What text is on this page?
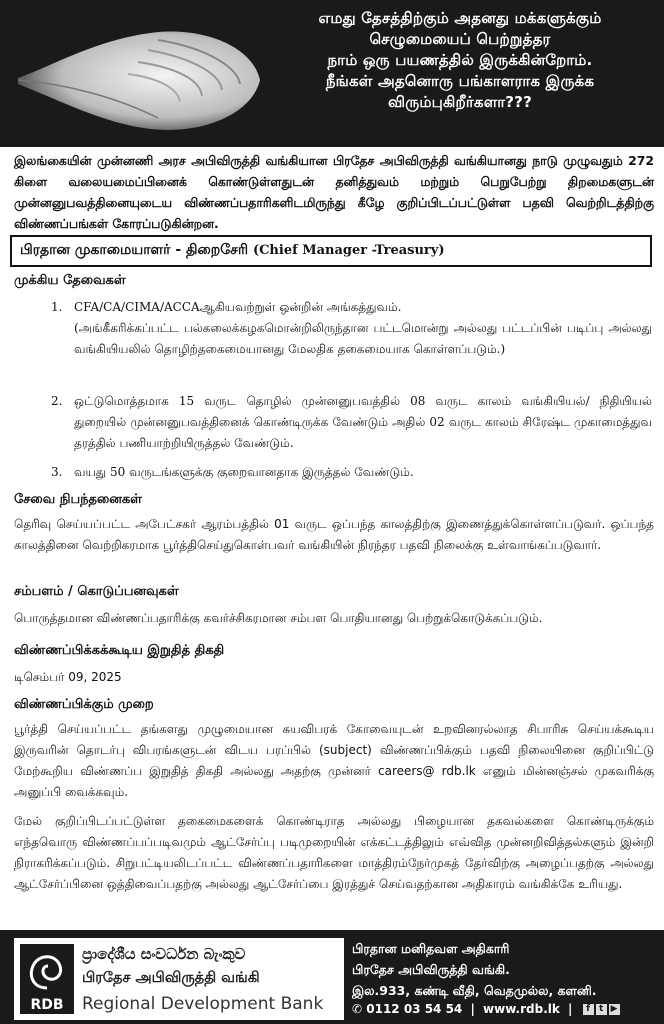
எமது தேசத்திற்கும் அதனது மக்களுக்கும்
செழுமையைப் பெற்றுத்தர
நாம் ஒரு பயணத்தில் இருக்கின்றோம்.
நீங்கள் அதனொரு பங்காளராக இருக்க
விரும்புகிறீர்களா???
இலங்கையின் முன்னணி அரச அபிவிருத்தி வங்கியான பிரதேச அபிவிருத்தி வங்கியானது நாடு முழுவதும் 272 கிளை வலையமைப்பினைக் கொண்டுள்ளதுடன் தனித்துவம் மற்றும் பெறுபேற்று திறமைகளுடன் முன்னனுபவத்தினையுடைய விண்ணப்பதாரிகளிடமிருந்து கீழே குறிப்பிடப்பட்டுள்ள பதவி வெற்றிடத்திற்கு விண்ணப்பங்கள் கோரப்படுகின்றன.
பிரதான முகாமையாளர் - திறைசேரி (Chief Manager -Treasury)
முக்கிய தேவைகள்
1. CFA/CA/CIMA/ACCAஆகியவற்றுள் ஒன்றின் அங்கத்துவம்.
(அங்கீகரிக்கப்பட்ட பல்கலைக்கழகமொன்றிலிருந்தான பட்டமொன்று அல்லது பட்டப்பின் படிப்பு அல்லது வங்கியியலில் தொழிற்தகைமையானது மேலதிக தகைமையாக கொள்ளப்படும்.)
2. ஒட்டுமொத்தமாக 15 வருட தொழில் முன்னனுபவத்தில் 08 வருட காலம் வங்கியியல்/ நிதியியல் துறையில் முன்னனுபவத்தினைக் கொண்டிருக்க வேண்டும் அதில் 02 வருட காலம் சிரேஷ்ட முகாமைத்துவ தரத்தில் பணியாற்றியிருத்தல் வேண்டும்.
3. வயது 50 வருடங்களுக்கு குறைவானதாக இருத்தல் வேண்டும்.
சேவை நிபந்தனைகள்
தெரிவு செய்யப்பட்ட அபேட்சகர் ஆரம்பத்தில் 01 வருட ஒப்பந்த காலத்திற்கு இணைத்துக்கொள்ளப்படுவர். ஒப்பந்த காலத்தினை வெற்றிகரமாக பூர்த்திசெய்துகொள்பவர் வங்கியின் நிரந்தர பதவி நிலைக்கு உள்வாங்கப்படுவார்.
சம்பளம் / கொடுப்பனவுகள்
பொருத்தமான விண்ணப்பதாரிக்கு கவர்ச்சிகரமான சம்பள பொதியானது பெற்றுக்கொடுக்கப்படும்.
விண்ணப்பிக்கக்கூடிய இறுதித் திகதி
டிசெம்பர் 09, 2025
விண்ணப்பிக்கும் முறை
பூர்த்தி செய்யப்பட்ட தங்களது முழுமையான சுயவிபரக் கோவையுடன் உறவினரல்லாத சிபாரிசு செய்யக்கூடிய இருவரின் தொடர்பு விபரங்களுடன் விடய பரப்பில் (subject) விண்ணப்பிக்கும் பதவி நிலையினை குறிப்பிட்டு மேற்கூறிய விண்ணப்ப இறுதித் திகதி அல்லது அதற்கு முன்னர் careers@ rdb.lk எனும் மின்னஞ்சல் முகவரிக்கு அனுப்பி வைக்கவும்.
மேல் குறிப்பிடப்பட்டுள்ள தகைமைகளைக் கொண்டிராத அல்லது பிழையான தகவல்களை கொண்டிருக்கும் எந்தவொரு விண்ணப்பப்படிவமும் ஆட்சேர்ப்பு படிமுறையின் எக்கட்டத்திலும் எவ்வித முன்னறிவித்தல்களும் இன்றி நிராகரிக்கப்படும். சிறுபட்டியலிடப்பட்ட விண்ணப்பதாரிகளை மாத்திரம்நேர்முகத் தேர்விற்கு அழைப்பதற்கு அல்லது ஆட்சேர்ப்பினை ஒத்திவைப்பதற்கு அல்லது ஆட்சேர்ப்பை இரத்துச் செய்வதற்கான அதிகாரம் வங்கிக்கே உரியது.
RDB
ප්‍රාදේශීය සංවර්ධන බැංකුව
பிரதேச அபிவிருத்தி வங்கி
Regional Development Bank
பிரதான மனிதவள அதிகாரி
பிரதேச அபிவிருத்தி வங்கி.
இல.933, கண்டி வீதி, வெதமுல்ல, களனி.
✆ 0112 03 54 54 | www.rdb.lk | f t ▶
